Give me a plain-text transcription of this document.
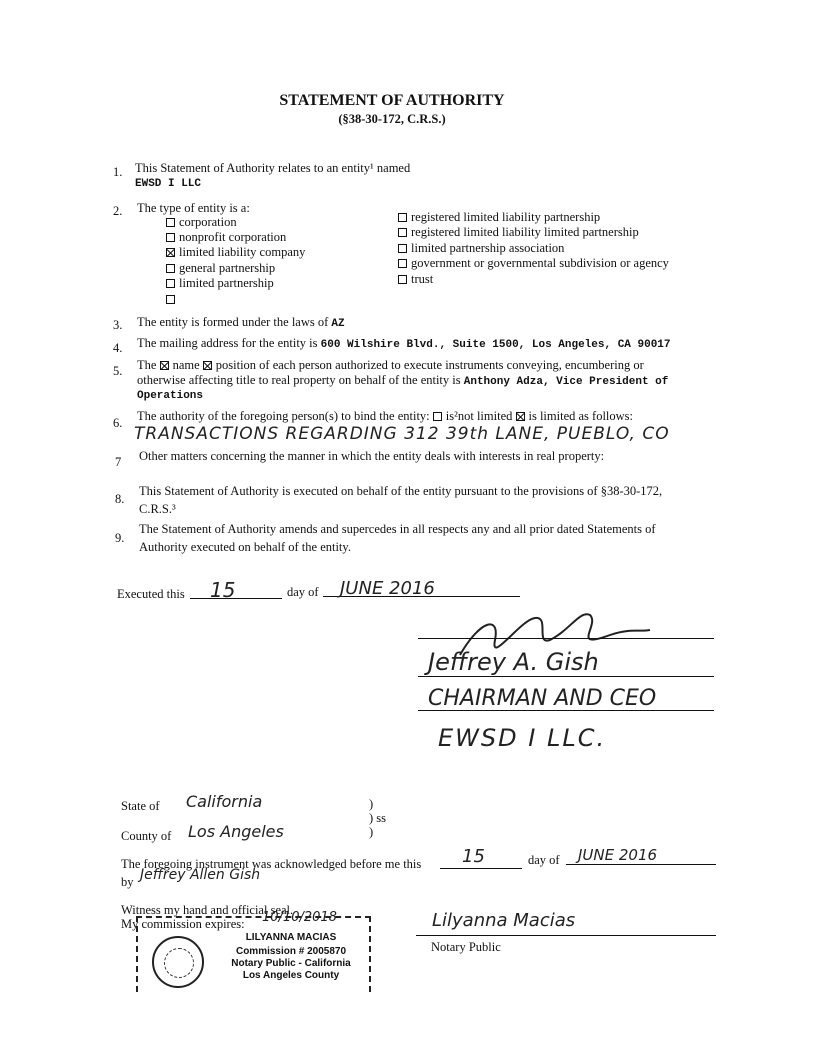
STATEMENT OF AUTHORITY
(§38-30-172, C.R.S.)
1. This Statement of Authority relates to an entity¹ named
EWSD I LLC
2. The type of entity is a:
corporation
nonprofit corporation
limited liability company
general partnership
limited partnership
registered limited liability partnership
registered limited liability limited partnership
limited partnership association
government or governmental subdivision or agency
trust
3. The entity is formed under the laws of AZ
4. The mailing address for the entity is 600 Wilshire Blvd., Suite 1500, Los Angeles, CA 90017
5. The name position of each person authorized to execute instruments conveying, encumbering or
otherwise affecting title to real property on behalf of the entity is Anthony Adza, Vice President of
Operations
6. The authority of the foregoing person(s) to bind the entity: is²not limited is limited as follows:
TRANSACTIONS REGARDING 312 39th LANE, PUEBLO, CO
7 Other matters concerning the manner in which the entity deals with interests in real property:
8.
This Statement of Authority is executed on behalf of the entity pursuant to the provisions of §38-30-172,
C.R.S.³
9.
The Statement of Authority amends and supercedes in all respects any and all prior dated Statements of
Authority executed on behalf of the entity.
Executed this 15	day of JUNE 2016
Jeffrey A. Gish
CHAIRMAN AND CEO
EWSD I LLC.
State of California	)
) ss
)
County of Los Angeles
The foregoing instrument was acknowledged before me this 15	day of JUNE 2016
by Jeffrey Allen Gish
Witness my hand and official seal.
My commission expires: 10/10/2018	Lilyanna Macias
Notary Public
LILYANNA MACIAS
Commission # 2005870
Notary Public - California
Los Angeles County
